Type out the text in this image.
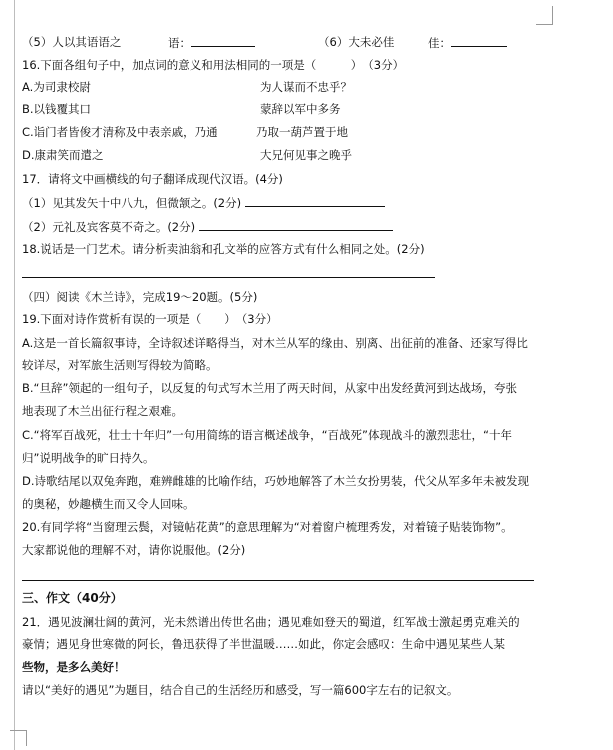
（5）人以其语语之	语：	（6）大未必佳	佳：
16.下面各组句子中，加点词的意义和用法相同的一项是（　　　）　（3分）
A.为司隶校尉	为人谋而不忠乎？
B.以钱覆其口	蒙辞以军中多务
C.诣门者皆俊才清称及中表亲戚，乃通	乃取一葫芦置于地
D.康肃笑而遣之	大兄何见事之晚乎
17．请将文中画横线的句子翻译成现代汉语。(4分)
（1）见其发矢十中八九，但微颔之。(2分)
（2）元礼及宾客莫不奇之。(2分)
18.说话是一门艺术。请分析卖油翁和孔文举的应答方式有什么相同之处。(2分)
（四）阅读《木兰诗》，完成19～20题。(5分)
19.下面对诗作赏析有误的一项是（　　）　（3分）
A.这是一首长篇叙事诗，全诗叙述详略得当，对木兰从军的缘由、别离、出征前的准备、还家写得比
较详尽，对军旅生活则写得较为简略。
B.“旦辞”领起的一组句子，以反复的句式写木兰用了两天时间，从家中出发经黄河到达战场，夸张
地表现了木兰出征行程之艰难。
C.“将军百战死，壮士十年归”一句用简练的语言概述战争，“百战死”体现战斗的激烈悲壮，“十年
归”说明战争的旷日持久。
D.诗歌结尾以双兔奔跑，难辨雌雄的比喻作结，巧妙地解答了木兰女扮男装，代父从军多年未被发现
的奥秘，妙趣横生而又令人回味。
20.有同学将“当窗理云鬓，对镜帖花黄”的意思理解为“对着窗户梳理秀发，对着镜子贴装饰物”。
大家都说他的理解不对，请你说服他。(2分)
三、作文（40分）
21．遇见波澜壮阔的黄河，光未然谱出传世名曲；遇见难如登天的蜀道，红军战士激起勇克难关的
豪情；遇见身世寒微的阿长，鲁迅获得了半世温暖……如此，你定会感叹：生命中遇见某些人某
些物，是多么美好！
请以“美好的遇见”为题目，结合自己的生活经历和感受，写一篇600字左右的记叙文。
